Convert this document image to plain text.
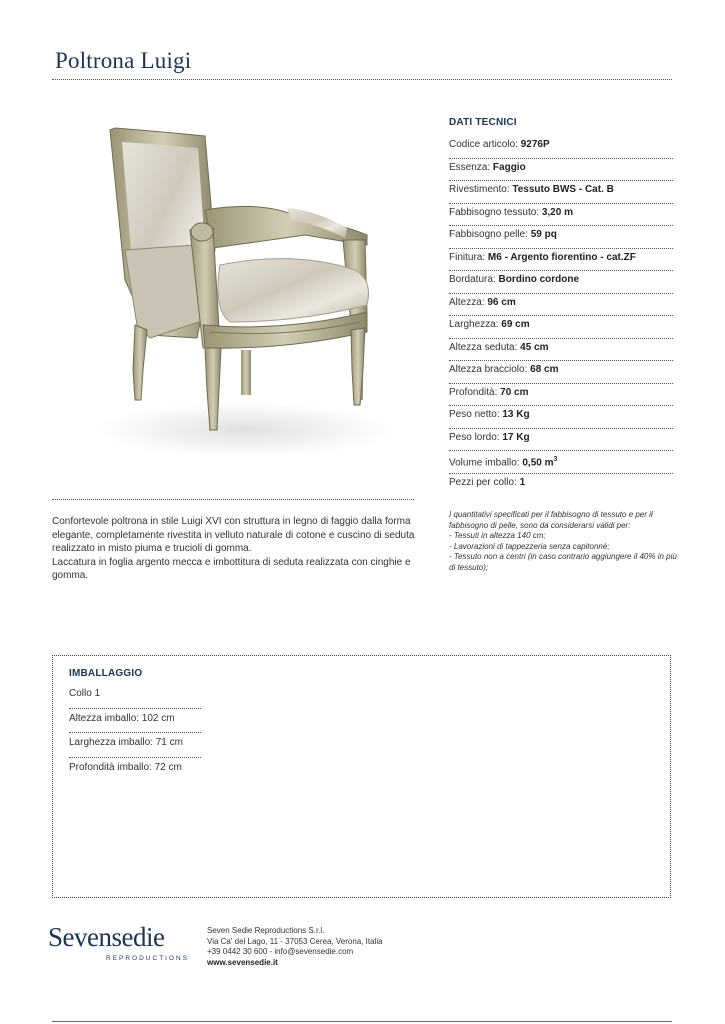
Poltrona Luigi
DATI TECNICI
Codice articolo: 9276P
Essenza: Faggio
Rivestimento: Tessuto BWS - Cat. B
Fabbisogno tessuto: 3,20 m
Fabbisogno pelle: 59 pq
Finitura: M6 - Argento fiorentino - cat.ZF
Bordatura: Bordino cordone
Altezza: 96 cm
Larghezza: 69 cm
Altezza seduta: 45 cm
Altezza bracciolo: 68 cm
Profondità: 70 cm
Peso netto: 13 Kg
Peso lordo: 17 Kg
Volume imballo: 0,50 $m^3$
Pezzi per collo: 1

Confortevole poltrona in stile Luigi XVI con struttura in legno di faggio dalla forma elegante, completamente rivestita in velluto naturale di cotone e cuscino di seduta realizzato in misto piuma e trucioli di gomma.

Laccatura in foglia argento mecca e imbottitura di seduta realizzata con cinghie e gomma.

I quantitativi specificati per il fabbisogno di tessuto e per il fabbisogno di pelle, sono da considerarsi validi per:

- Tessuti in altezza 140 cm;

- Lavorazioni di tappezzeria senza capitonnè;

- Tessuto non a centri (in caso contrario aggiungere il 40% in più di tessuto);

IMBALLAGGIO
Collo 1
Altezza imballo: 102 cm
Larghezza imballo: 71 cm
Profondità imballo: 72 cm
Sevensedie
REPRODUCTIONS
Seven Sedie Reproductions S.r.l.
Via Ca' del Lago, 11 - 37053 Cerea, Verona, Italia
+39 0442 30 600 - info@sevensedie.com
www.sevensedie.it
